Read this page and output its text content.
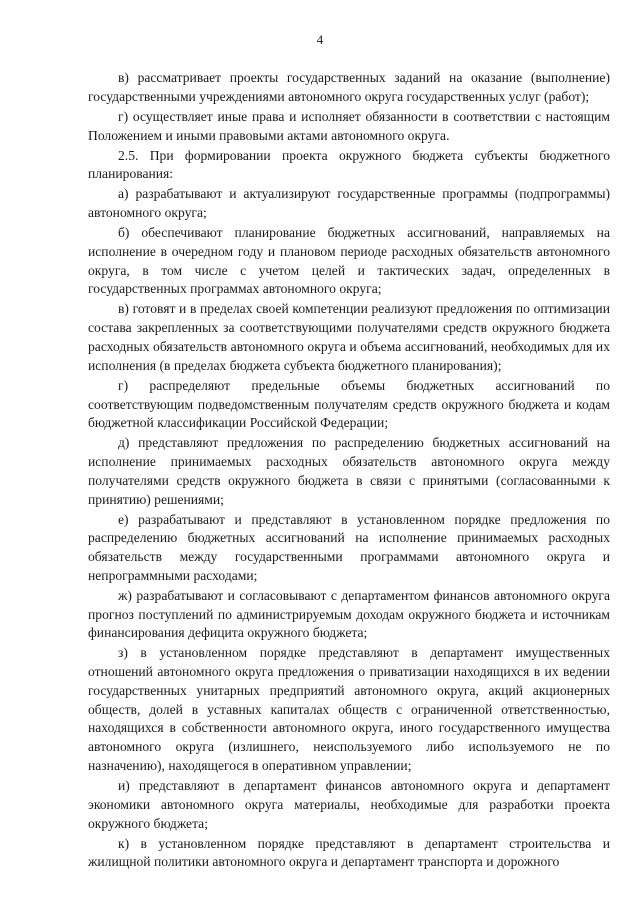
4

в) рассматривает проекты государственных заданий на оказание (выполнение) государственными учреждениями автономного округа государственных услуг (работ);

г) осуществляет иные права и исполняет обязанности в соответствии с настоящим Положением и иными правовыми актами автономного округа.

2.5. При формировании проекта окружного бюджета субъекты бюджетного планирования:

а) разрабатывают и актуализируют государственные программы (подпрограммы) автономного округа;

б) обеспечивают планирование бюджетных ассигнований, направляемых на исполнение в очередном году и плановом периоде расходных обязательств автономного округа, в том числе с учетом целей и тактических задач, определенных в государственных программах автономного округа;

в) готовят и в пределах своей компетенции реализуют предложения по оптимизации состава закрепленных за соответствующими получателями средств окружного бюджета расходных обязательств автономного округа и объема ассигнований, необходимых для их исполнения (в пределах бюджета субъекта бюджетного планирования);

г) распределяют предельные объемы бюджетных ассигнований по соответствующим подведомственным получателям средств окружного бюджета и кодам бюджетной классификации Российской Федерации;

д) представляют предложения по распределению бюджетных ассигнований на исполнение принимаемых расходных обязательств автономного округа между получателями средств окружного бюджета в связи с принятыми (согласованными к принятию) решениями;

е) разрабатывают и представляют в установленном порядке предложения по распределению бюджетных ассигнований на исполнение принимаемых расходных обязательств между государственными программами автономного округа и непрограммными расходами;

ж) разрабатывают и согласовывают с департаментом финансов автономного округа прогноз поступлений по администрируемым доходам окружного бюджета и источникам финансирования дефицита окружного бюджета;

з) в установленном порядке представляют в департамент имущественных отношений автономного округа предложения о приватизации находящихся в их ведении государственных унитарных предприятий автономного округа, акций акционерных обществ, долей в уставных капиталах обществ с ограниченной ответственностью, находящихся в собственности автономного округа, иного государственного имущества автономного округа (излишнего, неиспользуемого либо используемого не по назначению), находящегося в оперативном управлении;

и) представляют в департамент финансов автономного округа и департамент экономики автономного округа материалы, необходимые для разработки проекта окружного бюджета;

к) в установленном порядке представляют в департамент строительства и жилищной политики автономного округа и департамент транспорта и дорожного
